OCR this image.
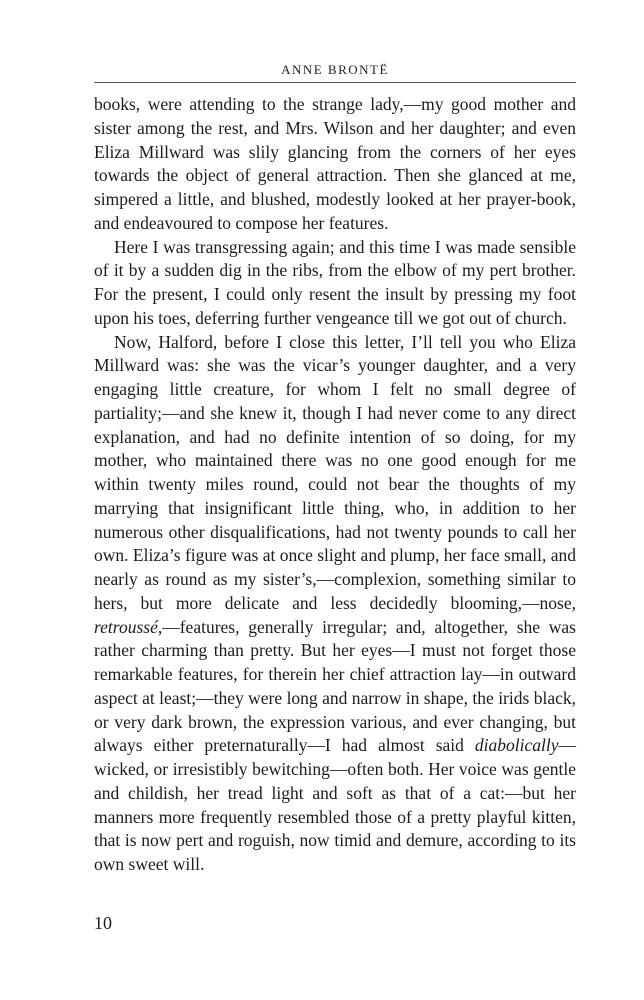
ANNE BRONTË

books, were attending to the strange lady,—my good mother and sister among the rest, and Mrs. Wilson and her daughter; and even Eliza Millward was slily glancing from the corners of her eyes towards the object of general attraction. Then she glanced at me, simpered a little, and blushed, modestly looked at her prayer-book, and endeavoured to compose her features.

Here I was transgressing again; and this time I was made sensible of it by a sudden dig in the ribs, from the elbow of my pert brother. For the present, I could only resent the insult by pressing my foot upon his toes, deferring further vengeance till we got out of church.

Now, Halford, before I close this letter, I’ll tell you who Eliza Millward was: she was the vicar’s younger daughter, and a very engaging little creature, for whom I felt no small degree of partiality;—and she knew it, though I had never come to any direct explanation, and had no definite intention of so doing, for my mother, who maintained there was no one good enough for me within twenty miles round, could not bear the thoughts of my marrying that insignificant little thing, who, in addition to her numerous other disqualifications, had not twenty pounds to call her own. Eliza’s figure was at once slight and plump, her face small, and nearly as round as my sister’s,—complexion, something similar to hers, but more delicate and less decidedly blooming,—nose, retroussé,—features, generally irregular; and, altogether, she was rather charming than pretty. But her eyes—I must not forget those remarkable features, for therein her chief attraction lay—in outward aspect at least;—they were long and narrow in shape, the irids black, or very dark brown, the expression various, and ever changing, but always either preternaturally—I had almost said diabolically—wicked, or irresistibly bewitching—often both. Her voice was gentle and childish, her tread light and soft as that of a cat:—but her manners more frequently resembled those of a pretty playful kitten, that is now pert and roguish, now timid and demure, according to its own sweet will.

10
